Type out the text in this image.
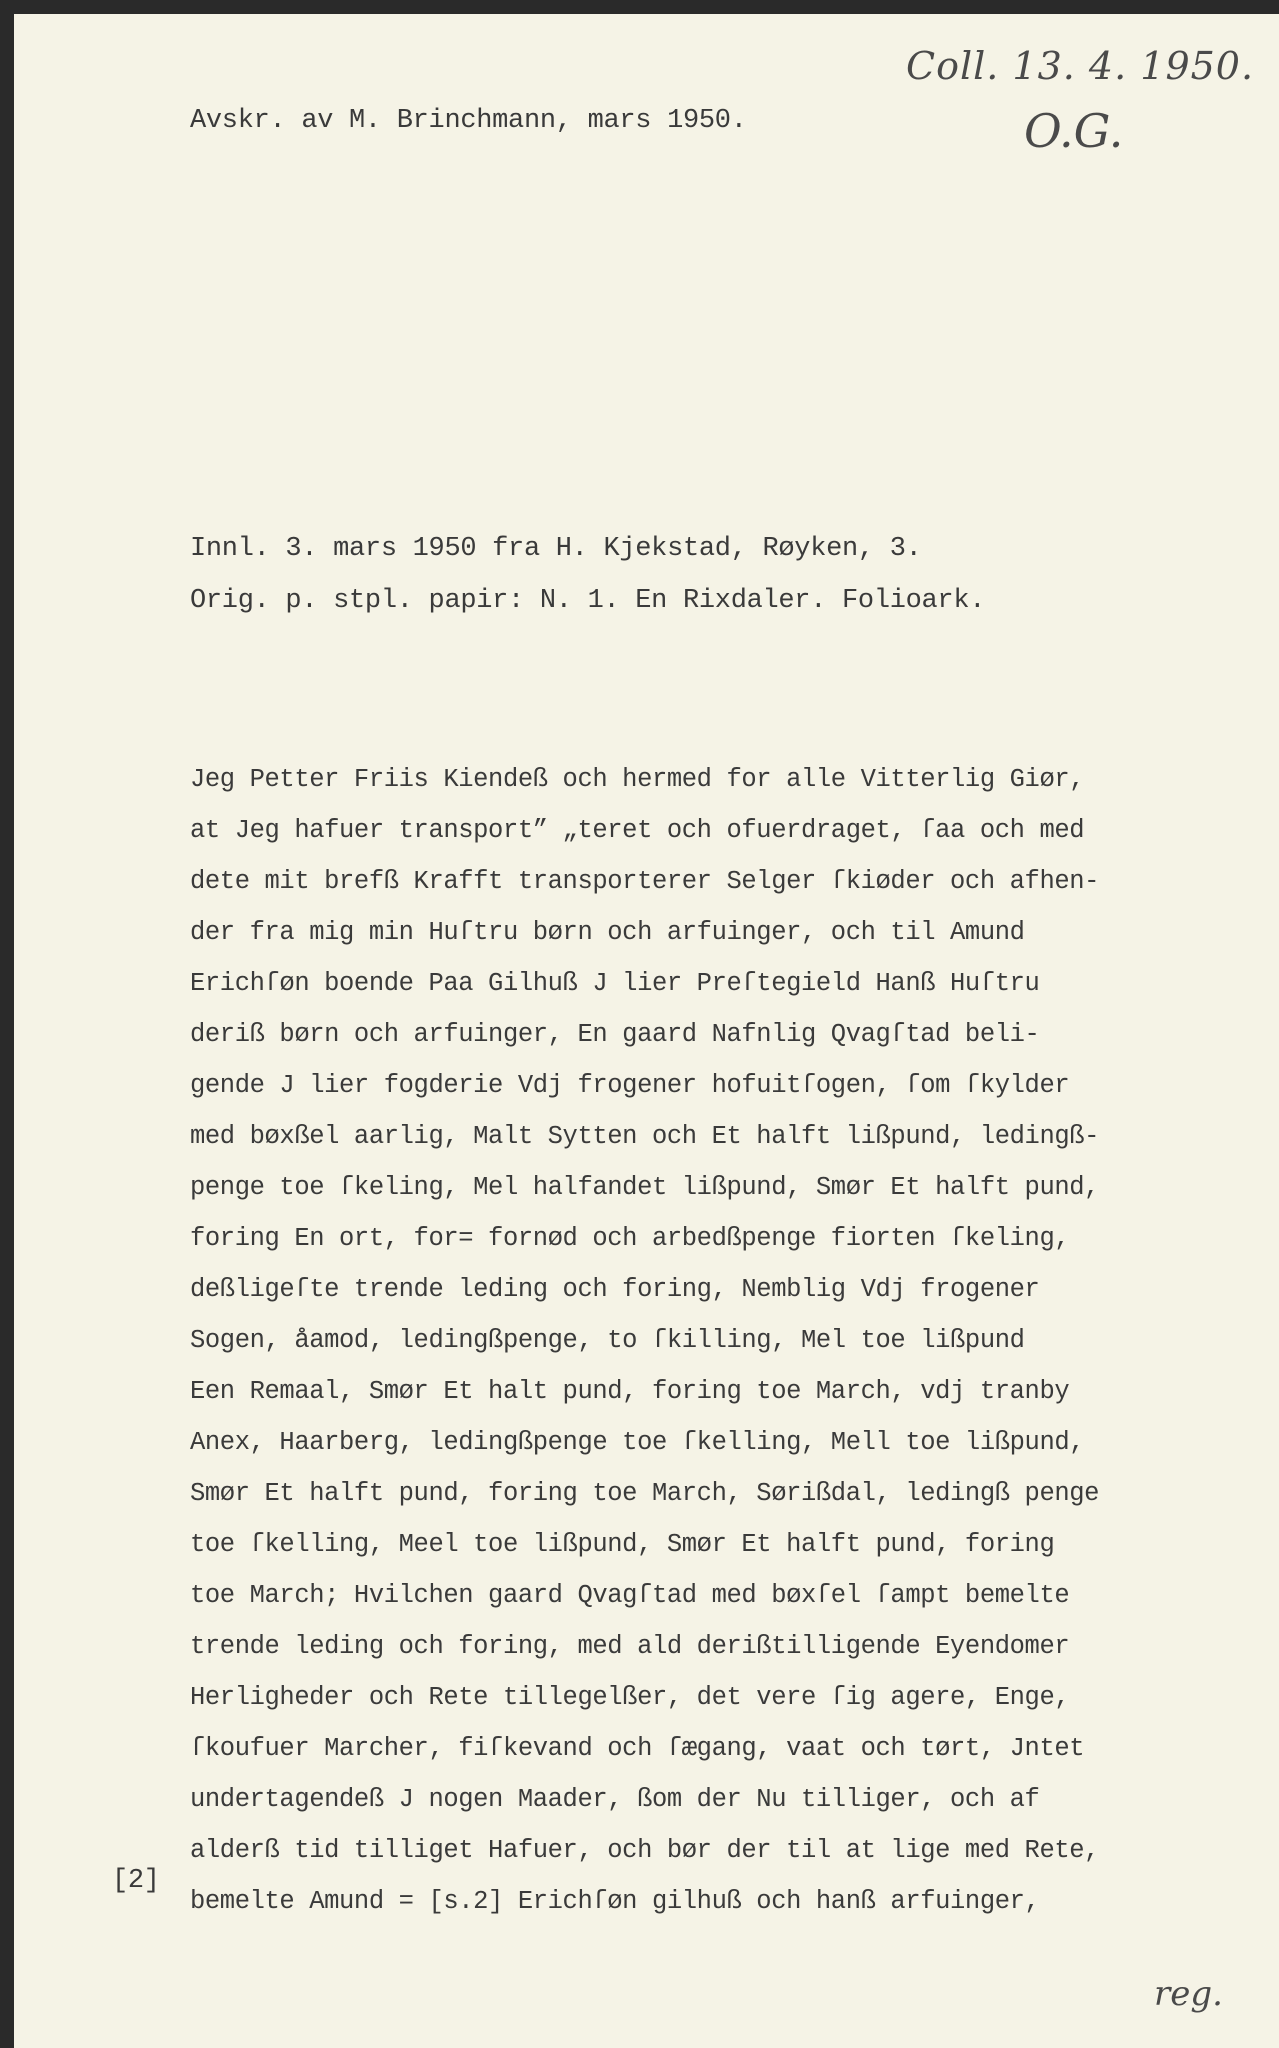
Coll. 13. 4. 1950.

O.G.

Avskr. av M. Brinchmann, mars 1950.

Innl. 3. mars 1950 fra H. Kjekstad, Røyken, 3.

Orig. p. stpl. papir: N. 1. En Rixdaler. Folioark.

Jeg Petter Friis Kiendeß och hermed for alle Vitterlig Giør,
at Jeg hafuer transport” „teret och ofuerdraget, ſaa och med
dete mit brefß Krafft transporterer Selger ſkiøder och afhen-
der fra mig min Huſtru børn och arfuinger, och til Amund
Erichſøn boende Paa Gilhuß J lier Preſtegield Hanß Huſtru
deriß børn och arfuinger, En gaard Nafnlig Qvagſtad beli-
gende J lier fogderie Vdj frogener hofuitſogen, ſom ſkylder
med bøxßel aarlig, Malt Sytten och Et halft lißpund, ledingß-
penge toe ſkeling, Mel halfandet lißpund, Smør Et halft pund,
foring En ort, for= fornød och arbedßpenge fiorten ſkeling,
deßligeſte trende leding och foring, Nemblig Vdj frogener
Sogen, åamod, ledingßpenge, to ſkilling, Mel toe lißpund
Een Remaal, Smør Et halt pund, foring toe March, vdj tranby
Anex, Haarberg, ledingßpenge toe ſkelling, Mell toe lißpund,
Smør Et halft pund, foring toe March, Sørißdal, ledingß penge
toe ſkelling, Meel toe lißpund, Smør Et halft pund, foring
toe March; Hvilchen gaard Qvagſtad med bøxſel ſampt bemelte
trende leding och foring, med ald derißtilligende Eyendomer
Herligheder och Rete tillegelßer, det vere ſig agere, Enge,
ſkoufuer Marcher, fiſkevand och ſægang, vaat och tørt, Jntet
undertagendeß J nogen Maader, ßom der Nu tilliger, och af
alderß tid tilliget Hafuer, och bør der til at lige med Rete,
bemelte Amund = [s.2] Erichſøn gilhuß och hanß arfuinger,

[2]

reg.
